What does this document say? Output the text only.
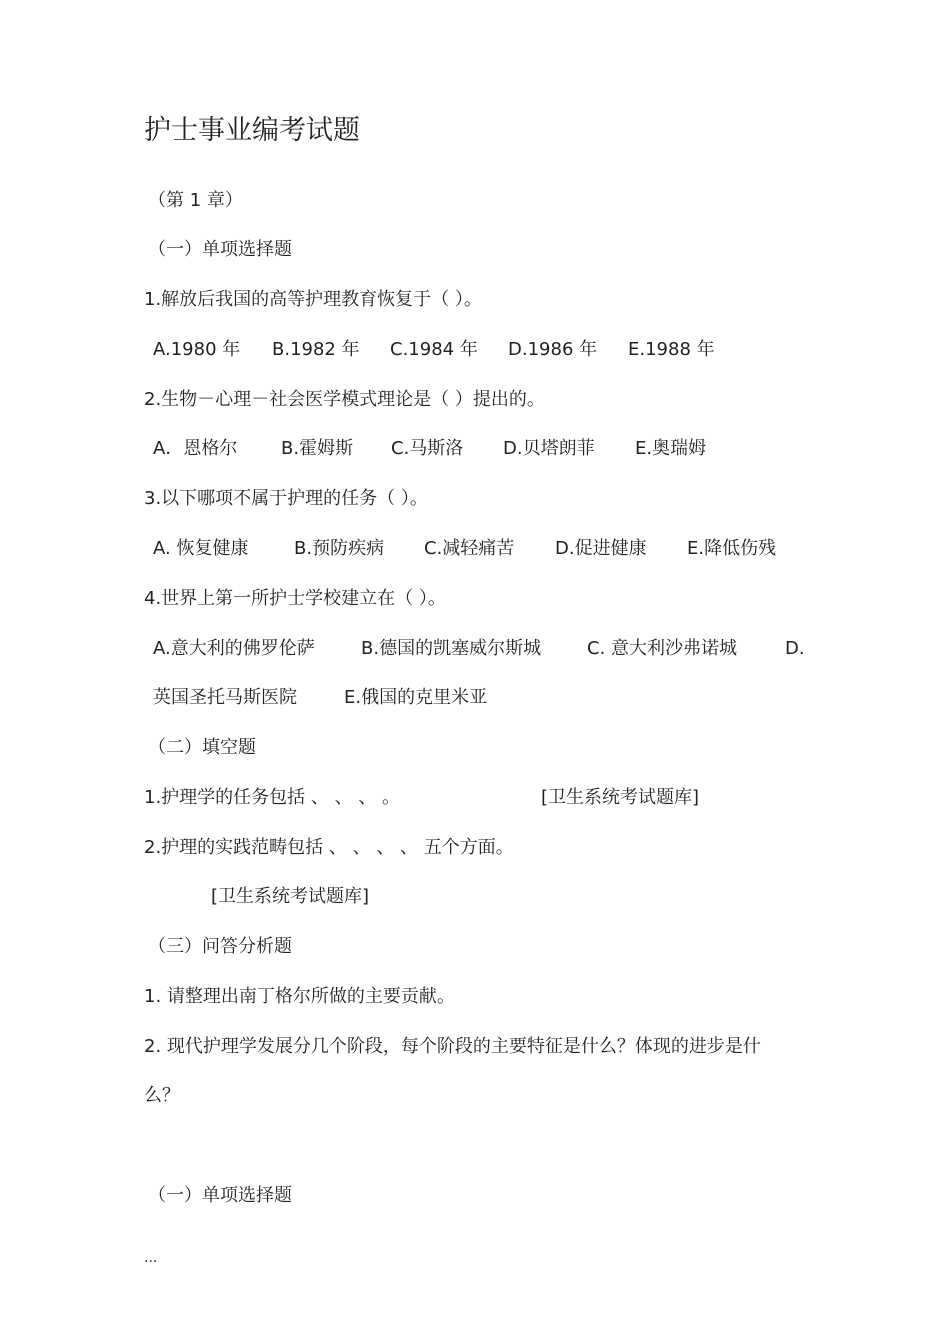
护士事业编考试题
（第 1 章）
（一）单项选择题
1.解放后我国的高等护理教育恢复于（ ）。
A.1980 年 B.1982 年 C.1984 年 D.1986 年 E.1988 年
2.生物－心理－社会医学模式理论是（ ）提出的。
A．恩格尔 B.霍姆斯 C.马斯洛 D.贝塔朗菲 E.奥瑞姆
3.以下哪项不属于护理的任务（ ）。
A. 恢复健康	B.预防疾病 C.减轻痛苦 D.促进健康 E.降低伤残
4.世界上第一所护士学校建立在（ ）。
A.意大利的佛罗伦萨	B.德国的凯塞威尔斯城	C. 意大利沙弗诺城	D.
英国圣托马斯医院	E.俄国的克里米亚
（二）填空题
1.护理学的任务包括 、 、 、 。	[卫生系统考试题库]
2.护理的实践范畴包括 、 、 、 、 五个方面。
[卫生系统考试题库]
（三）问答分析题
1. 请整理出南丁格尔所做的主要贡献。
2. 现代护理学发展分几个阶段，每个阶段的主要特征是什么？体现的进步是什
么？
（一）单项选择题
...
